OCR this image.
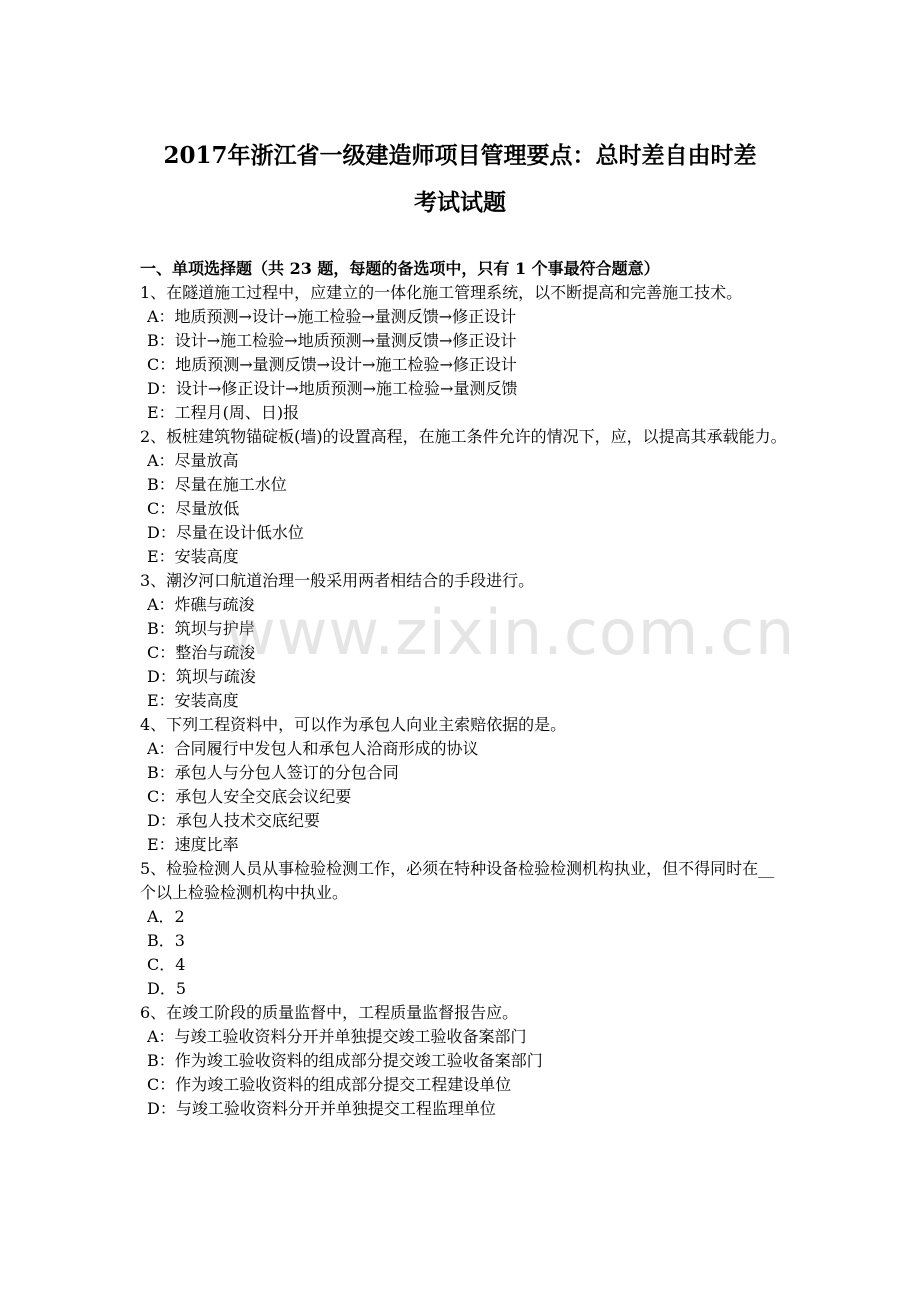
2017年浙江省一级建造师项目管理要点：总时差自由时差
考试试题
一、单项选择题（共 23 题，每题的备选项中，只有 1 个事最符合题意）
1、在隧道施工过程中，应建立的一体化施工管理系统，以不断提高和完善施工技术。
A：地质预测→设计→施工检验→量测反馈→修正设计
B：设计→施工检验→地质预测→量测反馈→修正设计
C：地质预测→量测反馈→设计→施工检验→修正设计
D：设计→修正设计→地质预测→施工检验→量测反馈
E：工程月(周、日)报
2、板桩建筑物锚碇板(墙)的设置高程，在施工条件允许的情况下，应，以提高其承载能力。
A：尽量放高
B：尽量在施工水位
C：尽量放低
D：尽量在设计低水位
E：安装高度
3、潮汐河口航道治理一般采用两者相结合的手段进行。
A：炸礁与疏浚
B：筑坝与护岸
C：整治与疏浚
D：筑坝与疏浚
E：安装高度
4、下列工程资料中，可以作为承包人向业主索赔依据的是。
A：合同履行中发包人和承包人洽商形成的协议
B：承包人与分包人签订的分包合同
C：承包人安全交底会议纪要
D：承包人技术交底纪要
E：速度比率
5、检验检测人员从事检验检测工作，必须在特种设备检验检测机构执业，但不得同时在__个以上检验检测机构中执业。
A．2
B．3
C．4
D．5
6、在竣工阶段的质量监督中，工程质量监督报告应。
A：与竣工验收资料分开并单独提交竣工验收备案部门
B：作为竣工验收资料的组成部分提交竣工验收备案部门
C：作为竣工验收资料的组成部分提交工程建设单位
D：与竣工验收资料分开并单独提交工程监理单位
www.zixin.com.cn
